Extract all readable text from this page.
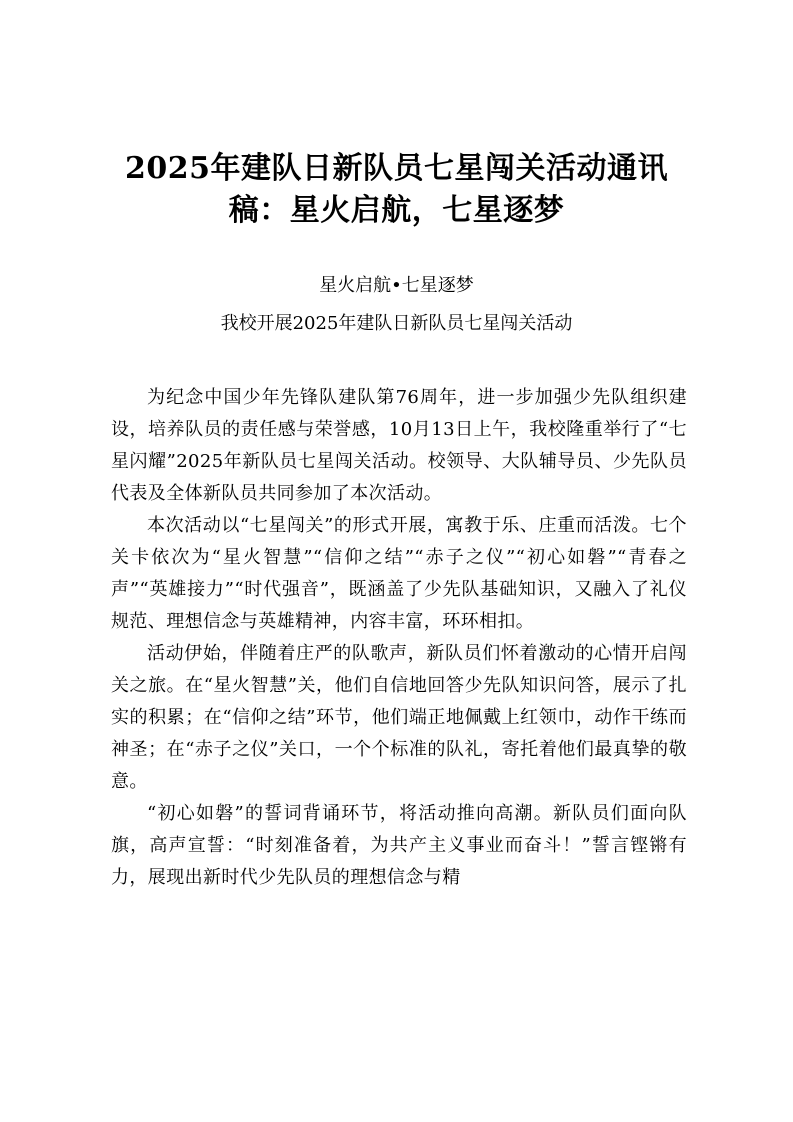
2025年建队日新队员七星闯关活动通讯稿：星火启航，七星逐梦

星火启航•七星逐梦

我校开展2025年建队日新队员七星闯关活动

为纪念中国少年先锋队建队第76周年，进一步加强少先队组织建设，培养队员的责任感与荣誉感，10月13日上午，我校隆重举行了“七星闪耀”2025年新队员七星闯关活动。校领导、大队辅导员、少先队员代表及全体新队员共同参加了本次活动。

本次活动以“七星闯关”的形式开展，寓教于乐、庄重而活泼。七个关卡依次为“星火智慧”“信仰之结”“赤子之仪”“初心如磐”“青春之声”“英雄接力”“时代强音”，既涵盖了少先队基础知识，又融入了礼仪规范、理想信念与英雄精神，内容丰富，环环相扣。

活动伊始，伴随着庄严的队歌声，新队员们怀着激动的心情开启闯关之旅。在“星火智慧”关，他们自信地回答少先队知识问答，展示了扎实的积累；在“信仰之结”环节，他们端正地佩戴上红领巾，动作干练而神圣；在“赤子之仪”关口，一个个标准的队礼，寄托着他们最真挚的敬意。

“初心如磐”的誓词背诵环节，将活动推向高潮。新队员们面向队旗，高声宣誓：“时刻准备着，为共产主义事业而奋斗！”誓言铿锵有力，展现出新时代少先队员的理想信念与精
